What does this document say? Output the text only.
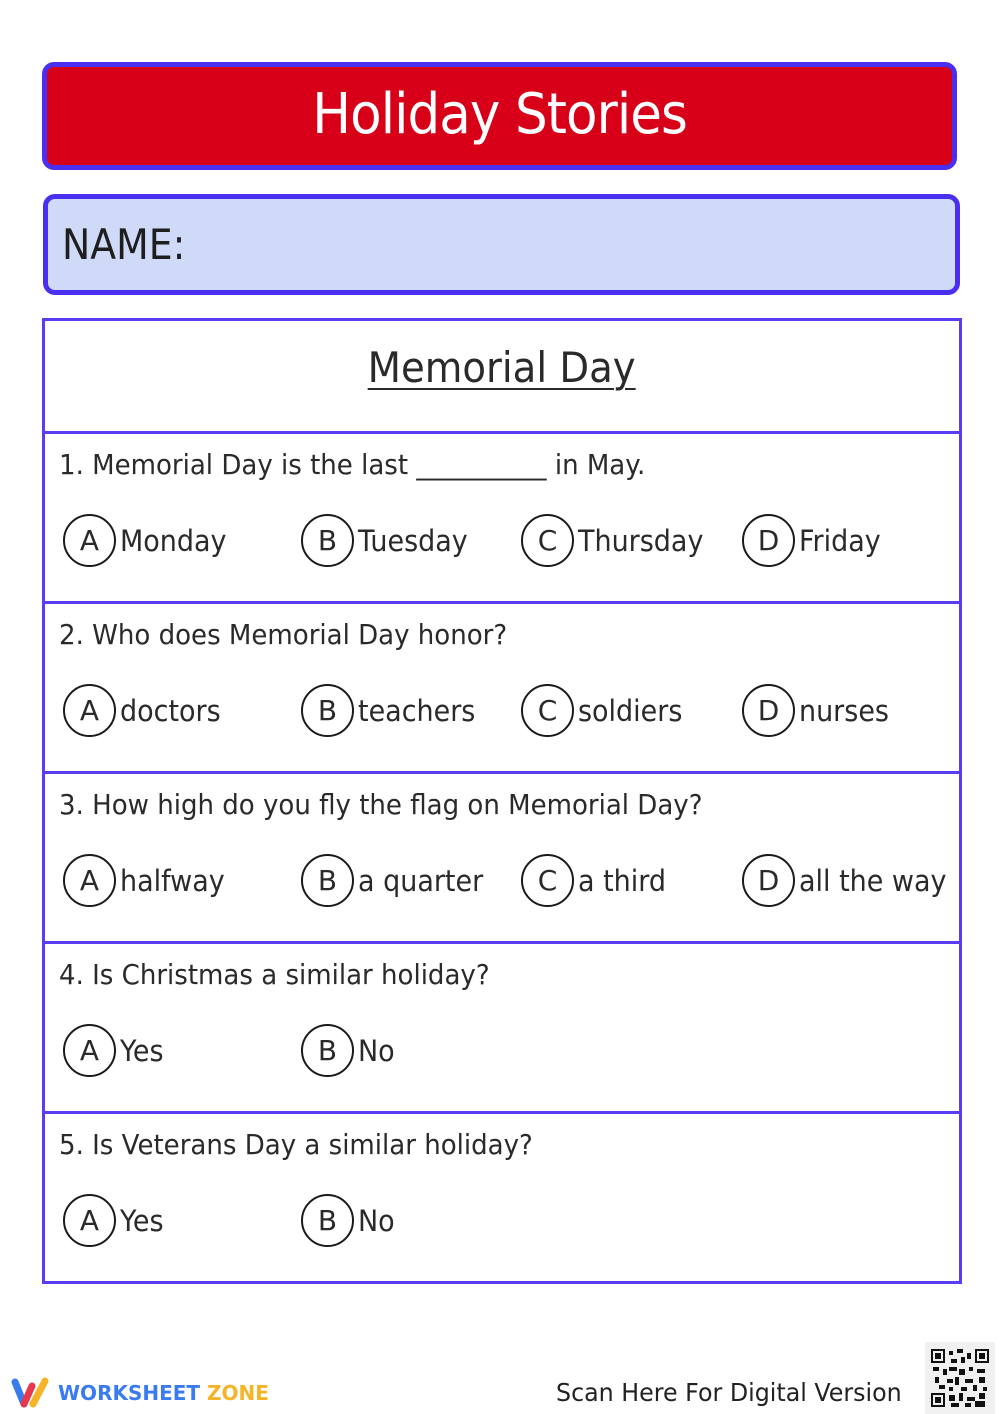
Holiday Stories
NAME:
Memorial Day
1. Memorial Day is the last __________ in May.
A Monday	B Tuesday	C Thursday	D Friday
2. Who does Memorial Day honor?
A doctors	B teachers	C soldiers	D nurses
3. How high do you fly the flag on Memorial Day?
A halfway	B a quarter	C a third	D all the way
4. Is Christmas a similar holiday?
A Yes	B No
5. Is Veterans Day a similar holiday?
A Yes	B No
WORKSHEET ZONE	Scan Here For Digital Version
